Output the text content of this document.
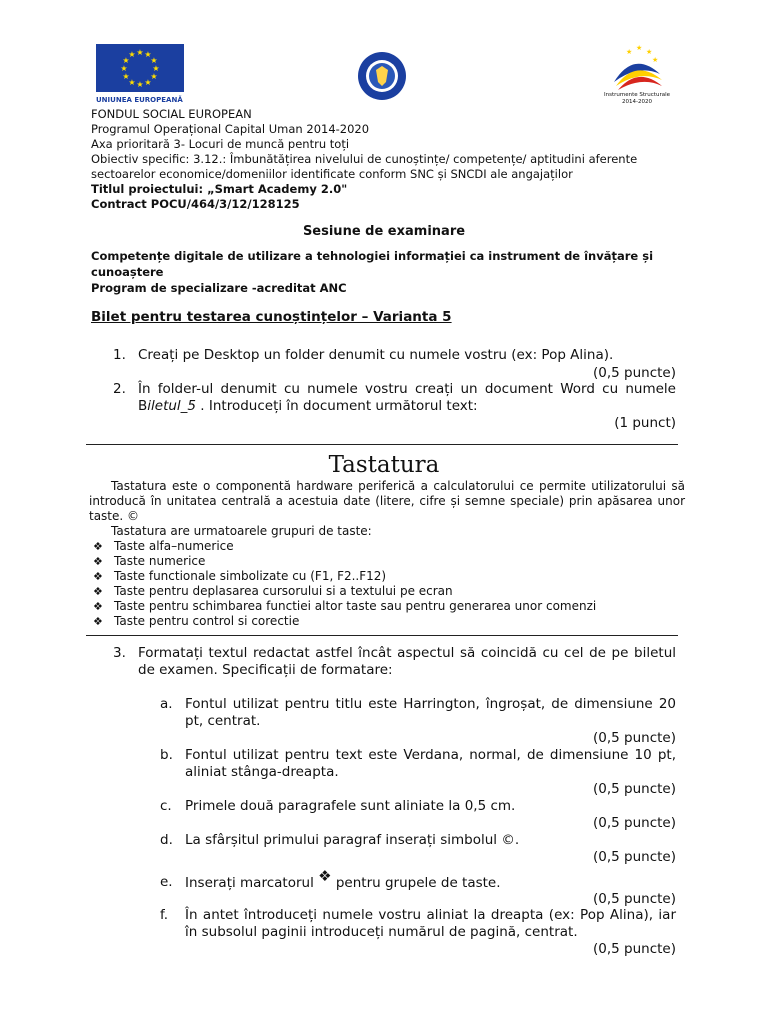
★ ★
★
★
★
★
★
★
★
★
★
★
UNIUNEA EUROPEANĂ
★ ★ ★
★
Instrumente Structurale
2014-2020
FONDUL SOCIAL EUROPEAN
Programul Operațional Capital Uman 2014-2020
Axa prioritară 3- Locuri de muncă pentru toți
Obiectiv specific: 3.12.: Îmbunătățirea nivelului de cunoștințe/ competențe/ aptitudini aferente
sectoarelor economice/domeniilor identificate conform SNC și SNCDI ale angajaților
Titlul proiectului: „Smart Academy 2.0"
Contract POCU/464/3/12/128125
Sesiune de examinare
Competențe digitale de utilizare a tehnologiei informației ca instrument de învățare și cunoaștere
Program de specializare -acreditat ANC
Bilet pentru testarea cunoștințelor – Varianta 5
1. Creați pe Desktop un folder denumit cu numele vostru (ex: Pop Alina).
(0,5 puncte)
2. În folder-ul denumit cu numele vostru creați un document Word cu numele Biletul_5 . Introduceți în document următorul text:
(1 punct)
Tastatura
Tastatura este o componentă hardware periferică a calculatorului ce permite utilizatorului să introducă în unitatea centrală a acestuia date (litere, cifre și semne speciale) prin apăsarea unor taste. ©
Tastatura are urmatoarele grupuri de taste:
❖ Taste alfa–numerice
❖ Taste numerice
❖ Taste functionale simbolizate cu (F1, F2..F12)
❖ Taste pentru deplasarea cursorului si a textului pe ecran
❖ Taste pentru schimbarea functiei altor taste sau pentru generarea unor comenzi
❖ Taste pentru control si corectie
3. Formatați textul redactat astfel încât aspectul să coincidă cu cel de pe biletul de examen. Specificații de formatare:
a. Fontul utilizat pentru titlu este Harrington, îngroșat, de dimensiune 20 pt, centrat.
(0,5 puncte)
b. Fontul utilizat pentru text este Verdana, normal, de dimensiune 10 pt, aliniat stânga-dreapta.
(0,5 puncte)
c. Primele două paragrafele sunt aliniate la 0,5 cm.
(0,5 puncte)
d. La sfârșitul primului paragraf inserați simbolul ©.
(0,5 puncte)
e. Inserați marcatorul ❖ pentru grupele de taste.
(0,5 puncte)
f. În antet întroduceți numele vostru aliniat la dreapta (ex: Pop Alina), iar în subsolul paginii introduceți numărul de pagină, centrat.
(0,5 puncte)
